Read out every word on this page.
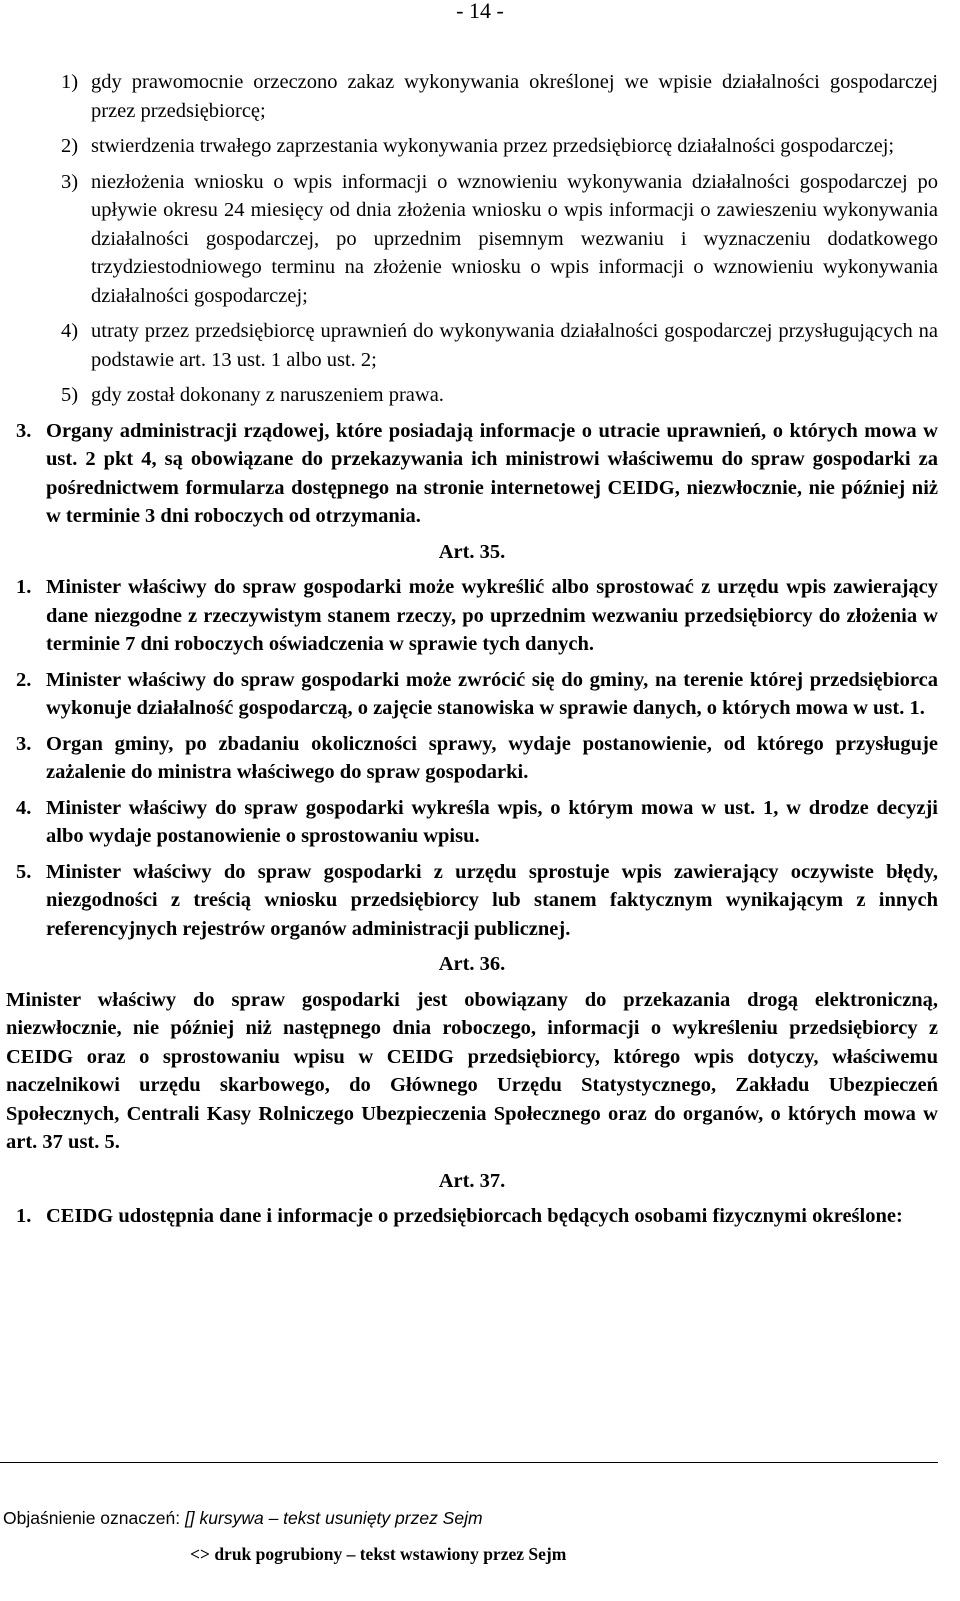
- 14 -
1) gdy prawomocnie orzeczono zakaz wykonywania określonej we wpisie działalności gospodarczej przez przedsiębiorcę;
2) stwierdzenia trwałego zaprzestania wykonywania przez przedsiębiorcę działalności gospodarczej;
3) niezłożenia wniosku o wpis informacji o wznowieniu wykonywania działalności gospodarczej po upływie okresu 24 miesięcy od dnia złożenia wniosku o wpis informacji o zawieszeniu wykonywania działalności gospodarczej, po uprzednim pisemnym wezwaniu i wyznaczeniu dodatkowego trzydziestodniowego terminu na złożenie wniosku o wpis informacji o wznowieniu wykonywania działalności gospodarczej;
4) utraty przez przedsiębiorcę uprawnień do wykonywania działalności gospodarczej przysługujących na podstawie art. 13 ust. 1 albo ust. 2;
5) gdy został dokonany z naruszeniem prawa.
3. Organy administracji rządowej, które posiadają informacje o utracie uprawnień, o których mowa w ust. 2 pkt 4, są obowiązane do przekazywania ich ministrowi właściwemu do spraw gospodarki za pośrednictwem formularza dostępnego na stronie internetowej CEIDG, niezwłocznie, nie później niż w terminie 3 dni roboczych od otrzymania.
Art. 35.
1. Minister właściwy do spraw gospodarki może wykreślić albo sprostować z urzędu wpis zawierający dane niezgodne z rzeczywistym stanem rzeczy, po uprzednim wezwaniu przedsiębiorcy do złożenia w terminie 7 dni roboczych oświadczenia w sprawie tych danych.
2. Minister właściwy do spraw gospodarki może zwrócić się do gminy, na terenie której przedsiębiorca wykonuje działalność gospodarczą, o zajęcie stanowiska w sprawie danych, o których mowa w ust. 1.
3. Organ gminy, po zbadaniu okoliczności sprawy, wydaje postanowienie, od którego przysługuje zażalenie do ministra właściwego do spraw gospodarki.
4. Minister właściwy do spraw gospodarki wykreśla wpis, o którym mowa w ust. 1, w drodze decyzji albo wydaje postanowienie o sprostowaniu wpisu.
5. Minister właściwy do spraw gospodarki z urzędu sprostuje wpis zawierający oczywiste błędy, niezgodności z treścią wniosku przedsiębiorcy lub stanem faktycznym wynikającym z innych referencyjnych rejestrów organów administracji publicznej.
Art. 36.

Minister właściwy do spraw gospodarki jest obowiązany do przekazania drogą elektroniczną, niezwłocznie, nie później niż następnego dnia roboczego, informacji o wykreśleniu przedsiębiorcy z CEIDG oraz o sprostowaniu wpisu w CEIDG przedsiębiorcy, którego wpis dotyczy, właściwemu naczelnikowi urzędu skarbowego, do Głównego Urzędu Statystycznego, Zakładu Ubezpieczeń Społecznych, Centrali Kasy Rolniczego Ubezpieczenia Społecznego oraz do organów, o których mowa w art. 37 ust. 5.

Art. 37.
1. CEIDG udostępnia dane i informacje o przedsiębiorcach będących osobami fizycznymi określone:
Objaśnienie oznaczeń: [] kursywa – tekst usunięty przez Sejm
<> druk pogrubiony – tekst wstawiony przez Sejm
